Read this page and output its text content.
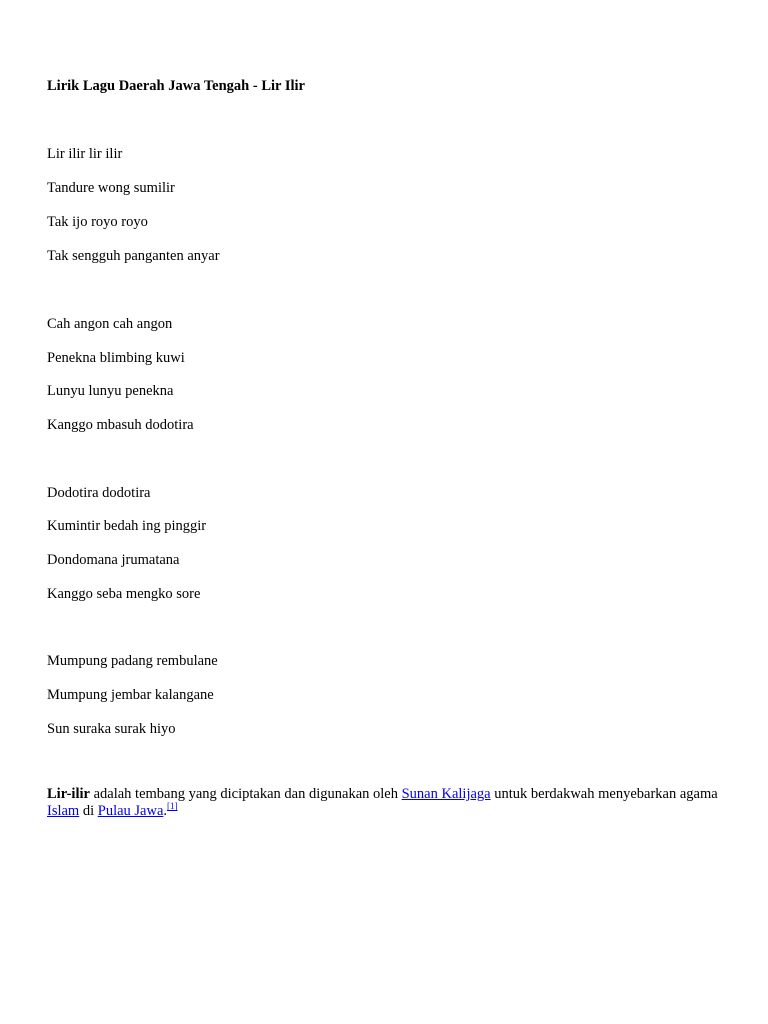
Lirik Lagu Daerah Jawa Tengah - Lir Ilir
Lir ilir lir ilir
Tandure wong sumilir
Tak ijo royo royo
Tak sengguh panganten anyar
Cah angon cah angon
Penekna blimbing kuwi
Lunyu lunyu penekna
Kanggo mbasuh dodotira
Dodotira dodotira
Kumintir bedah ing pinggir
Dondomana jrumatana
Kanggo seba mengko sore
Mumpung padang rembulane
Mumpung jembar kalangane
Sun suraka surak hiyo
Lir-ilir adalah tembang yang diciptakan dan digunakan oleh Sunan Kalijaga untuk berdakwah menyebarkan agama Islam di Pulau Jawa.[1]
